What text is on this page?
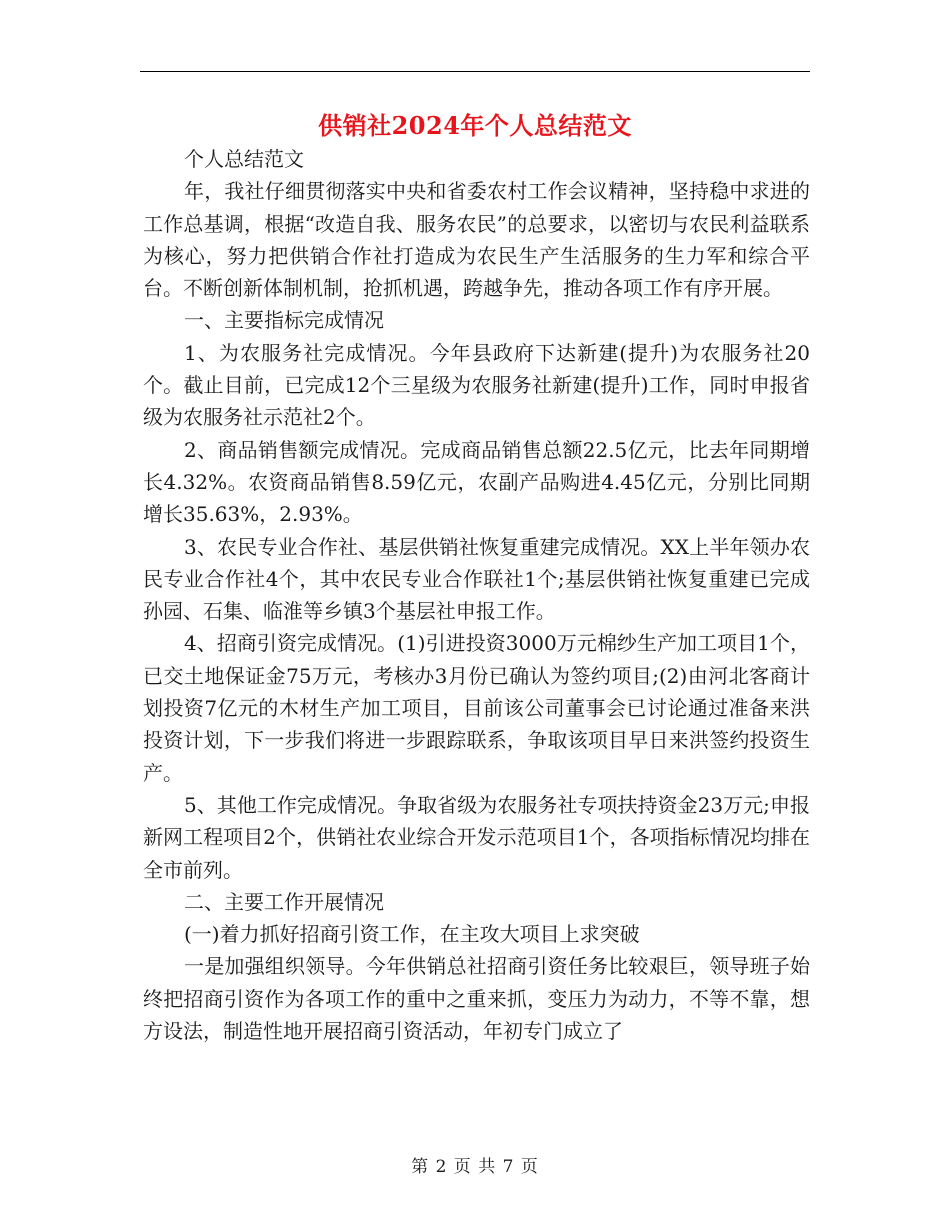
供销社2024年个人总结范文

个人总结范文

年，我社仔细贯彻落实中央和省委农村工作会议精神，坚持稳中求进的工作总基调，根据“改造自我、服务农民”的总要求，以密切与农民利益联系为核心，努力把供销合作社打造成为农民生产生活服务的生力军和综合平台。不断创新体制机制，抢抓机遇，跨越争先，推动各项工作有序开展。

一、主要指标完成情况

1、为农服务社完成情况。今年县政府下达新建(提升)为农服务社20个。截止目前，已完成12个三星级为农服务社新建(提升)工作，同时申报省级为农服务社示范社2个。

2、商品销售额完成情况。完成商品销售总额22.5亿元，比去年同期增长4.32%。农资商品销售8.59亿元，农副产品购进4.45亿元，分别比同期增长35.63%，2.93%。

3、农民专业合作社、基层供销社恢复重建完成情况。XX上半年领办农民专业合作社4个，其中农民专业合作联社1个;基层供销社恢复重建已完成孙园、石集、临淮等乡镇3个基层社申报工作。

4、招商引资完成情况。(1)引进投资3000万元棉纱生产加工项目1个，已交土地保证金75万元，考核办3月份已确认为签约项目;(2)由河北客商计划投资7亿元的木材生产加工项目，目前该公司董事会已讨论通过准备来洪投资计划，下一步我们将进一步跟踪联系，争取该项目早日来洪签约投资生产。

5、其他工作完成情况。争取省级为农服务社专项扶持资金23万元;申报新网工程项目2个，供销社农业综合开发示范项目1个，各项指标情况均排在全市前列。

二、主要工作开展情况

(一)着力抓好招商引资工作，在主攻大项目上求突破

一是加强组织领导。今年供销总社招商引资任务比较艰巨，领导班子始终把招商引资作为各项工作的重中之重来抓，变压力为动力，不等不靠，想方设法，制造性地开展招商引资活动，年初专门成立了

第 2 页 共 7 页
